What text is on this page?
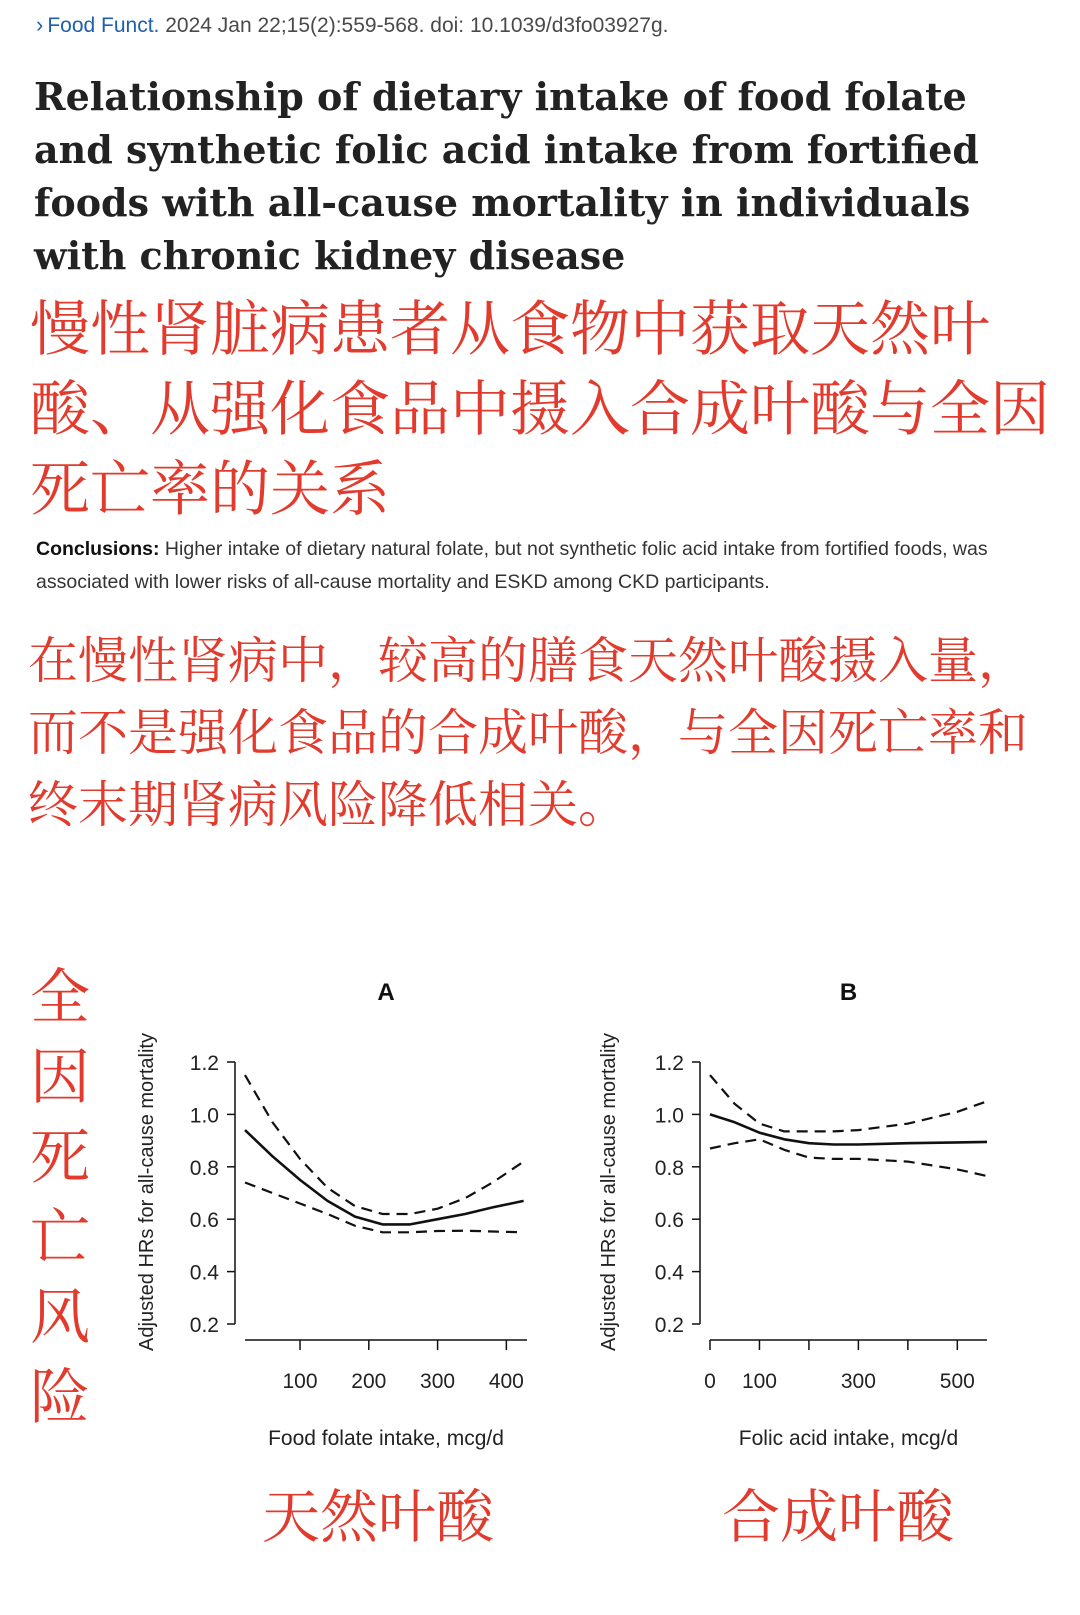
› Food Funct. 2024 Jan 22;15(2):559-568. doi: 10.1039/d3fo03927g.
Relationship of dietary intake of food folate and synthetic folic acid intake from fortified foods with all-cause mortality in individuals with chronic kidney disease
慢性肾脏病患者从食物中获取天然叶酸、从强化食品中摄入合成叶酸与全因死亡率的关系
Conclusions: Higher intake of dietary natural folate, but not synthetic folic acid intake from fortified foods, was associated with lower risks of all-cause mortality and ESKD among CKD participants.
在慢性肾病中，较高的膳食天然叶酸摄入量，而不是强化食品的合成叶酸，与全因死亡率和终末期肾病风险降低相关。
全
因
死
亡
风
险
A
0.2
0.4
0.6
0.8
1.0
1.2
100 200 300 400
Food folate intake, mcg/d
Adjusted HRs for all-cause mortality
B
0.2
0.4
0.6
0.8
1.0
1.2
0 100	300	500
Folic acid intake, mcg/d
Adjusted HRs for all-cause mortality
天然叶酸	合成叶酸
